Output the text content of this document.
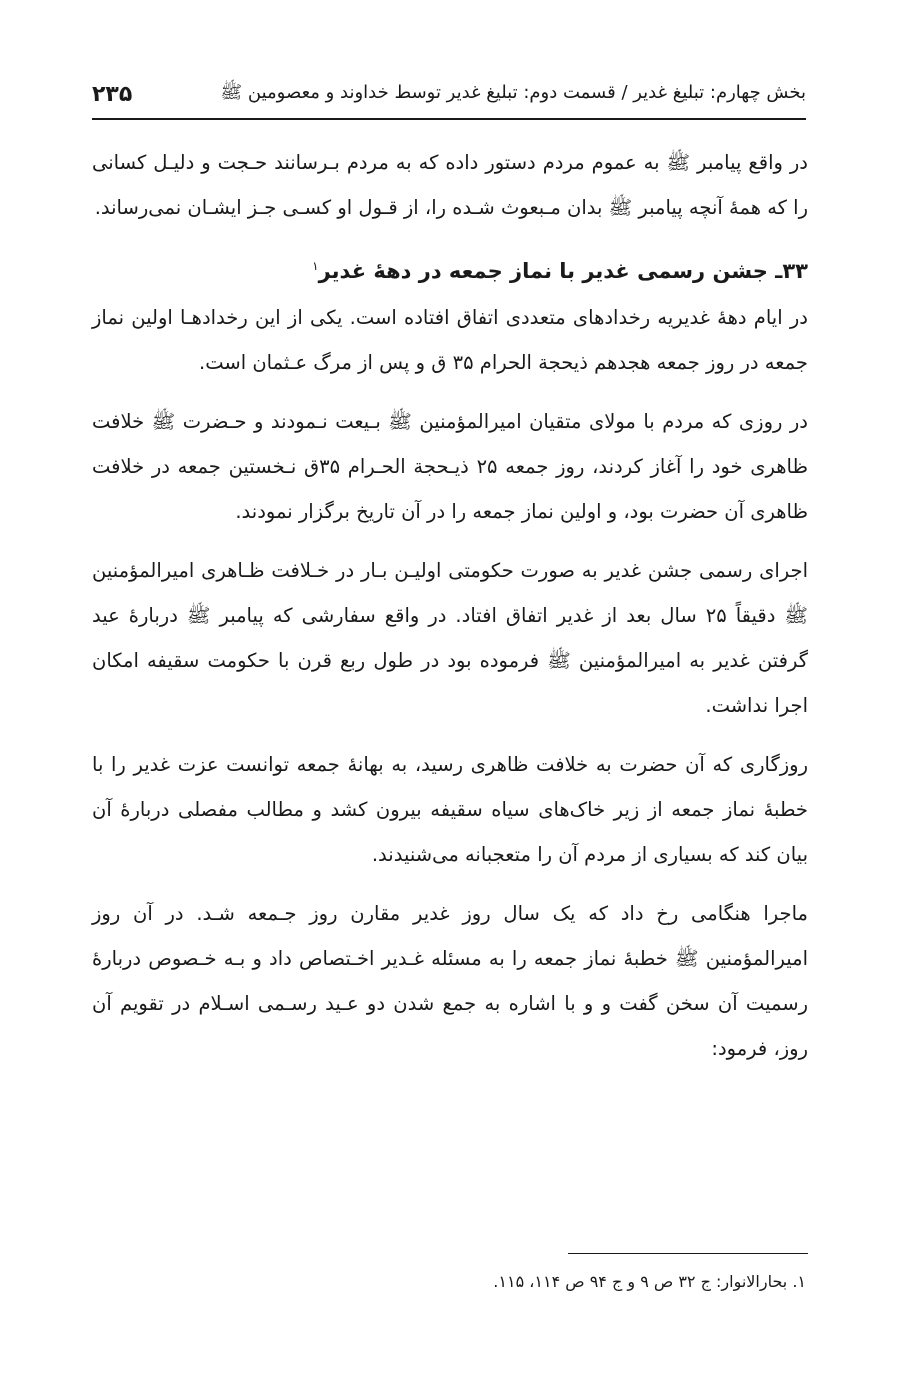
بخش چهارم: تبلیغ غدیر / قسمت دوم: تبلیغ غدیر توسط خداوند و معصومین ﷺ
۲۳۵

در واقع پیامبر ﷺ به عموم مردم دستور داده که به مردم بـرسانند حـجت و دلیـل کسانی را که همهٔ آنچه پیامبر ﷺ بدان مـبعوث شـده را، از قـول او کسـی جـز ایشـان نمی‌رساند.

۳۳ـ جشن رسمی غدیر با نماز جمعه در دههٔ غدیر$^۱$

در ایام دههٔ غدیریه رخدادهای متعددی اتفاق افتاده است. یکی از این رخدادهـا اولین نماز جمعه در روز جمعه هجدهم ذیحجة الحرام ۳۵ ق و پس از مرگ عـثمان است.

در روزی که مردم با مولای متقیان امیرالمؤمنین ﷺ بـیعت نـمودند و حـضرت ﷺ خلافت ظاهری خود را آغاز کردند، روز جمعه ۲۵ ذیـحجة الحـرام ۳۵ق نـخستین جمعه در خلافت ظاهری آن حضرت بود، و اولین نماز جمعه را در آن تاریخ برگزار نمودند.

اجرای رسمی جشن غدیر به صورت حکومتی اولیـن بـار در خـلافت ظـاهری امیرالمؤمنین ﷺ دقیقاً ۲۵ سال بعد از غدیر اتفاق افتاد. در واقع سفارشی که پیامبر ﷺ دربارهٔ عید گرفتن غدیر به امیرالمؤمنین ﷺ فرموده بود در طول ربع قرن با حکومت سقیفه امکان اجرا نداشت.

روزگاری که آن حضرت به خلافت ظاهری رسید، به بهانهٔ جمعه توانست عزت غدیر را با خطبهٔ نماز جمعه از زیر خاک‌های سیاه سقیفه بیرون کشد و مطالب مفصلی دربارهٔ آن بیان کند که بسیاری از مردم آن را متعجبانه می‌شنیدند.

ماجرا هنگامی رخ داد که یک سال روز غدیر مقارن روز جـمعه شـد. در آن روز امیرالمؤمنین ﷺ خطبهٔ نماز جمعه را به مسئله غـدیر اخـتصاص داد و بـه خـصوص دربارهٔ رسمیت آن سخن گفت و و با اشاره به جمع شدن دو عـید رسـمی اسـلام در تقویم آن روز، فرمود:

۱. بحارالانوار: ج ۳۲ ص ۹ و ج ۹۴ ص ۱۱۴، ۱۱۵.
